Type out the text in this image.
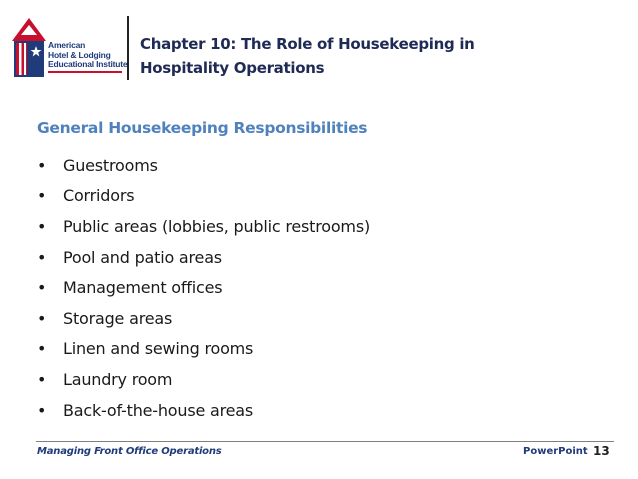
American
Hotel & Lodging
Educational Institute
Chapter 10: The Role of Housekeeping in
Hospitality Operations
General Housekeeping Responsibilities
•	Guestrooms
•	Corridors
•	Public areas (lobbies, public restrooms)
•	Pool and patio areas
•	Management offices
•	Storage areas
•	Linen and sewing rooms
•	Laundry room
•	Back-of-the-house areas
Managing Front Office Operations	PowerPoint 13
